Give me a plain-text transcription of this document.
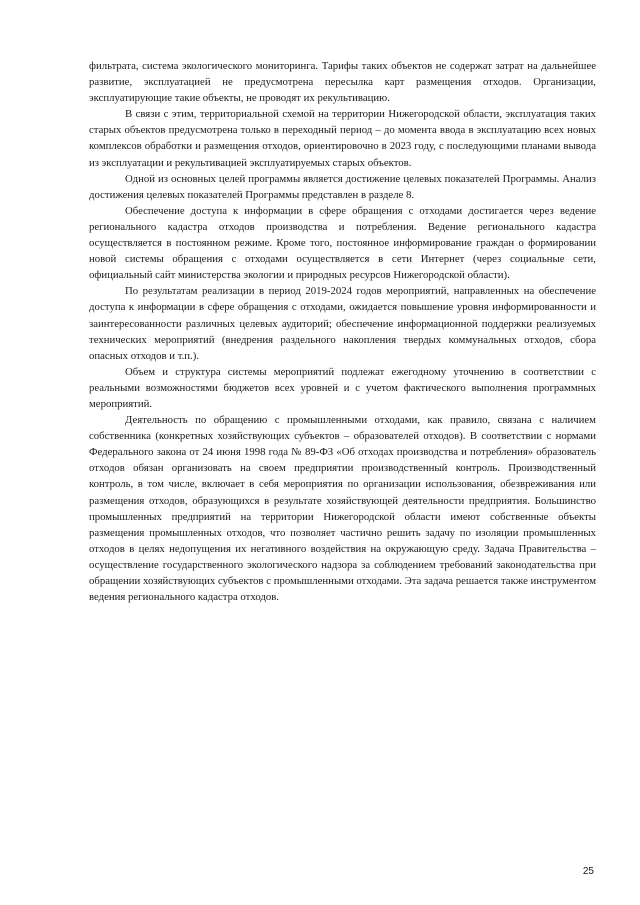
фильтрата, система экологического мониторинга. Тарифы таких объектов не содержат затрат на дальнейшее развитие, эксплуатацией не предусмотрена пересылка карт размещения отходов. Организации, эксплуатирующие такие объекты, не проводят их рекультивацию.

В связи с этим, территориальной схемой на территории Нижегородской области, эксплуатация таких старых объектов предусмотрена только в переходный период – до момента ввода в эксплуатацию всех новых комплексов обработки и размещения отходов, ориентировочно в 2023 году, с последующими планами вывода из эксплуатации и рекультивацией эксплуатируемых старых объектов.

Одной из основных целей программы является достижение целевых показателей Программы. Анализ достижения целевых показателей Программы представлен в разделе 8.

Обеспечение доступа к информации в сфере обращения с отходами достигается через ведение регионального кадастра отходов производства и потребления. Ведение регионального кадастра осуществляется в постоянном режиме. Кроме того, постоянное информирование граждан о формировании новой системы обращения с отходами осуществляется в сети Интернет (через социальные сети, официальный сайт министерства экологии и природных ресурсов Нижегородской области).

По результатам реализации в период 2019-2024 годов мероприятий, направленных на обеспечение доступа к информации в сфере обращения с отходами, ожидается повышение уровня информированности и заинтересованности различных целевых аудиторий; обеспечение информационной поддержки реализуемых технических мероприятий (внедрения раздельного накопления твердых коммунальных отходов, сбора опасных отходов и т.п.).

Объем и структура системы мероприятий подлежат ежегодному уточнению в соответствии с реальными возможностями бюджетов всех уровней и с учетом фактического выполнения программных мероприятий.

Деятельность по обращению с промышленными отходами, как правило, связана с наличием собственника (конкретных хозяйствующих субъектов – образователей отходов). В соответствии с нормами Федерального закона от 24 июня 1998 года № 89-ФЗ «Об отходах производства и потребления» образователь отходов обязан организовать на своем предприятии производственный контроль. Производственный контроль, в том числе, включает в себя мероприятия по организации использования, обезвреживания или размещения отходов, образующихся в результате хозяйствующей деятельности предприятия. Большинство промышленных предприятий на территории Нижегородской области имеют собственные объекты размещения промышленных отходов, что позволяет частично решить задачу по изоляции промышленных отходов в целях недопущения их негативного воздействия на окружающую среду. Задача Правительства – осуществление государственного экологического надзора за соблюдением требований законодательства при обращении хозяйствующих субъектов с промышленными отходами. Эта задача решается также инструментом ведения регионального кадастра отходов.

25
